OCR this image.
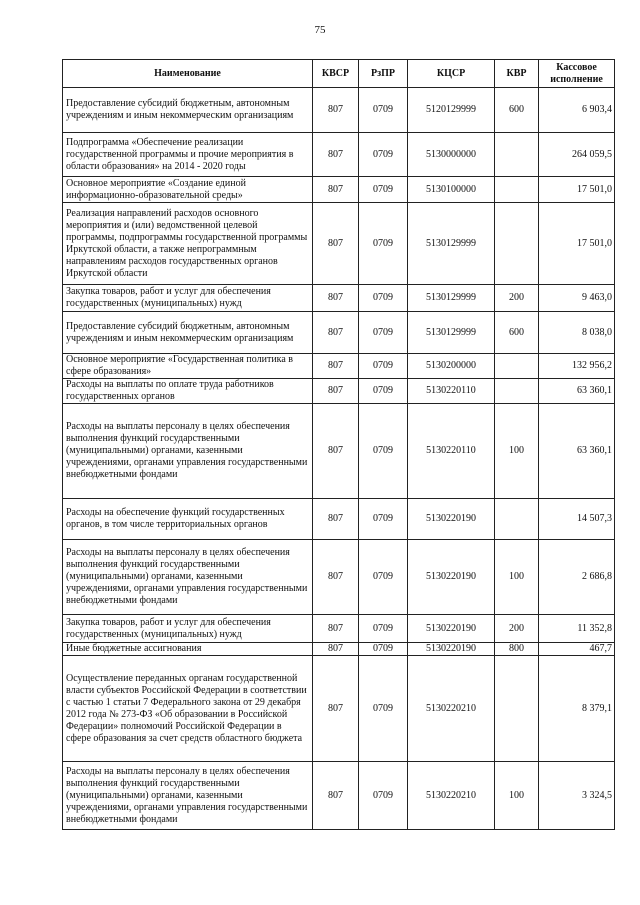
75
Наименование	КВСР	РзПР	КЦСР	КВР	Кассовое исполнение
Предоставление субсидий бюджетным, автономным учреждениям и иным некоммерческим организациям	807	0709	5120129999	600	6 903,4
Подпрограмма «Обеспечение реализации государственной программы и прочие мероприятия в области образования» на 2014 - 2020 годы	807	0709	5130000000		264 059,5
Основное мероприятие «Создание единой информационно-образовательной среды»	807	0709	5130100000		17 501,0
Реализация направлений расходов основного мероприятия и (или) ведомственной целевой программы, подпрограммы государственной программы Иркутской области, а также непрограммным направлениям расходов государственных органов Иркутской области	807	0709	5130129999		17 501,0
Закупка товаров, работ и услуг для обеспечения государственных (муниципальных) нужд	807	0709	5130129999	200	9 463,0
Предоставление субсидий бюджетным, автономным учреждениям и иным некоммерческим организациям	807	0709	5130129999	600	8 038,0
Основное мероприятие «Государственная политика в сфере образования»	807	0709	5130200000		132 956,2
Расходы на выплаты по оплате труда работников государственных органов	807	0709	5130220110		63 360,1
Расходы на выплаты персоналу в целях обеспечения выполнения функций государственными (муниципальными) органами, казенными учреждениями, органами управления государственными внебюджетными фондами	807	0709	5130220110	100	63 360,1
Расходы на обеспечение функций государственных органов, в том числе территориальных органов	807	0709	5130220190		14 507,3
Расходы на выплаты персоналу в целях обеспечения выполнения функций государственными (муниципальными) органами, казенными учреждениями, органами управления государственными внебюджетными фондами	807	0709	5130220190	100	2 686,8
Закупка товаров, работ и услуг для обеспечения государственных (муниципальных) нужд	807	0709	5130220190	200	11 352,8
Иные бюджетные ассигнования	807	0709	5130220190	800	467,7
Осуществление переданных органам государственной власти субъектов Российской Федерации в соответствии с частью 1 статьи 7 Федерального закона от 29 декабря 2012 года № 273-ФЗ «Об образовании в Российской Федерации» полномочий Российской Федерации в сфере образования за счет средств областного бюджета	807	0709	5130220210		8 379,1
Расходы на выплаты персоналу в целях обеспечения выполнения функций государственными (муниципальными) органами, казенными учреждениями, органами управления государственными внебюджетными фондами	807	0709	5130220210	100	3 324,5
